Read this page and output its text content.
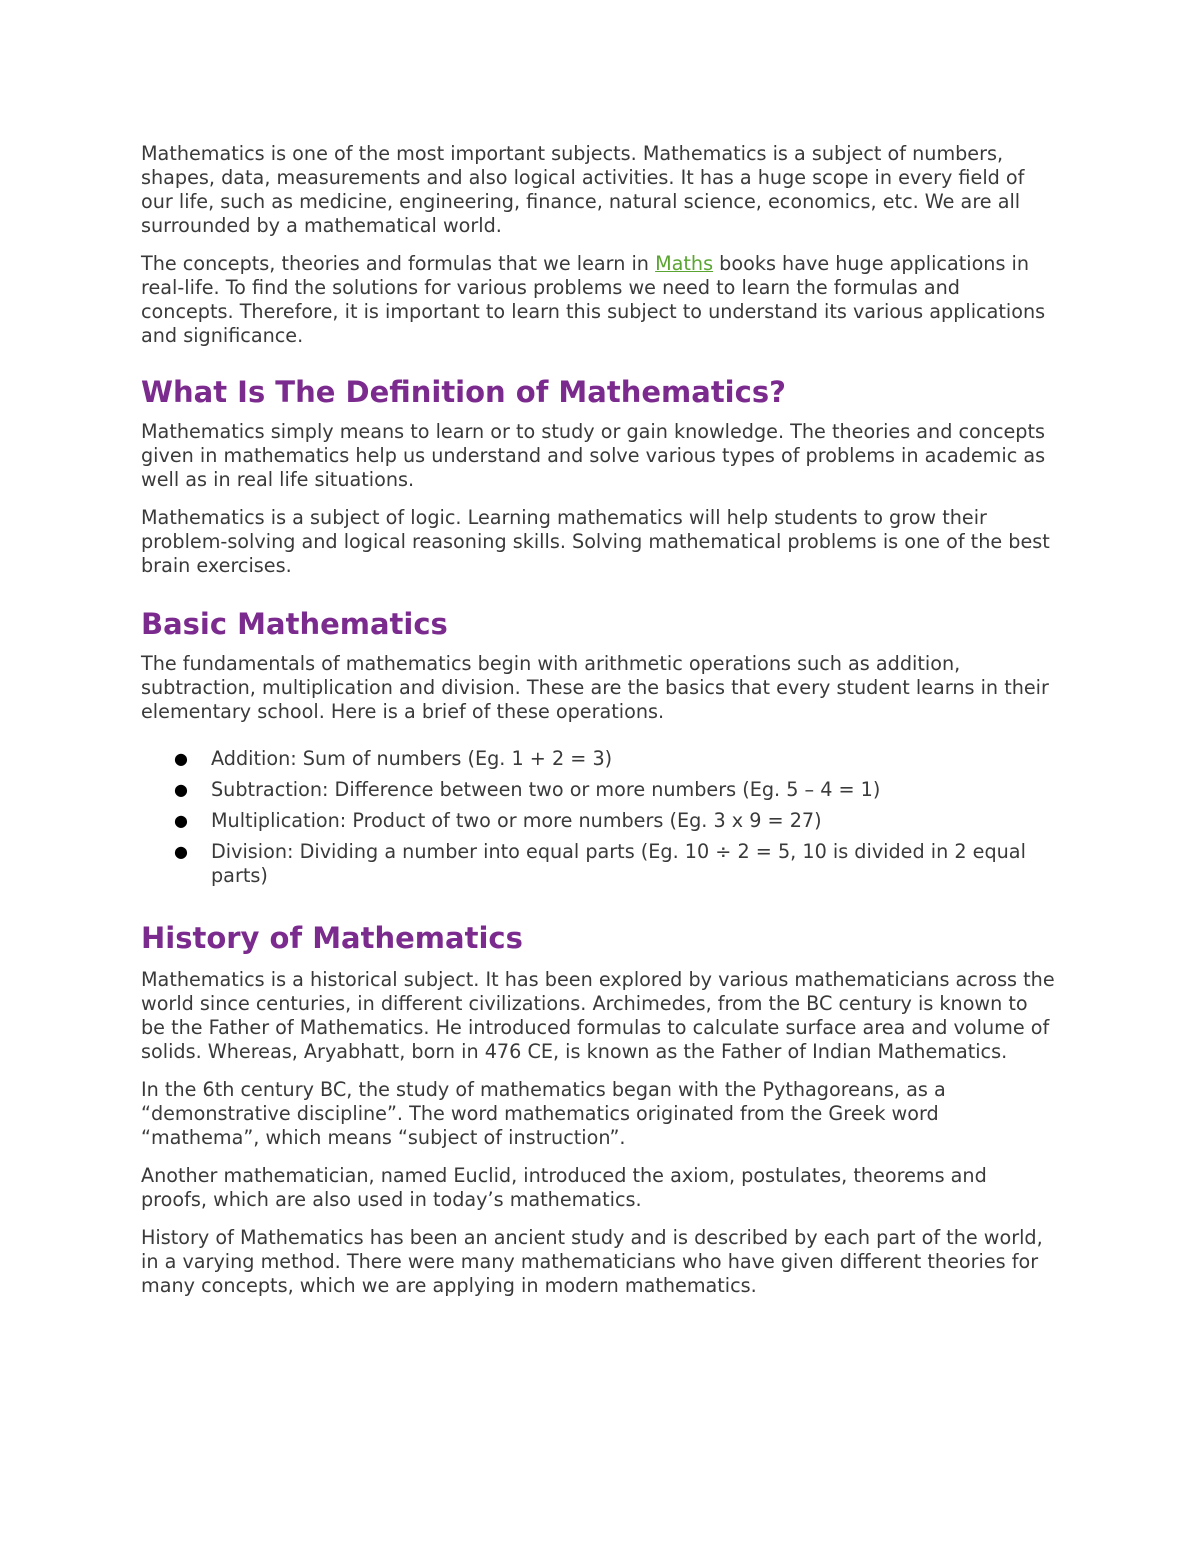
Mathematics is one of the most important subjects. Mathematics is a subject of numbers, shapes, data, measurements and also logical activities. It has a huge scope in every field of our life, such as medicine, engineering, finance, natural science, economics, etc. We are all surrounded by a mathematical world.

The concepts, theories and formulas that we learn in Maths books have huge applications in real-life. To find the solutions for various problems we need to learn the formulas and concepts. Therefore, it is important to learn this subject to understand its various applications and significance.

What Is The Definition of Mathematics?

Mathematics simply means to learn or to study or gain knowledge. The theories and concepts given in mathematics help us understand and solve various types of problems in academic as well as in real life situations.

Mathematics is a subject of logic. Learning mathematics will help students to grow their problem-solving and logical reasoning skills. Solving mathematical problems is one of the best brain exercises.

Basic Mathematics

The fundamentals of mathematics begin with arithmetic operations such as addition, subtraction, multiplication and division. These are the basics that every student learns in their elementary school. Here is a brief of these operations.

● Addition: Sum of numbers (Eg. 1 + 2 = 3)
● Subtraction: Difference between two or more numbers (Eg. 5 – 4 = 1)
● Multiplication: Product of two or more numbers (Eg. 3 x 9 = 27)
● Division: Dividing a number into equal parts (Eg. 10 ÷ 2 = 5, 10 is divided in 2 equal parts)
History of Mathematics

Mathematics is a historical subject. It has been explored by various mathematicians across the world since centuries, in different civilizations. Archimedes, from the BC century is known to be the Father of Mathematics. He introduced formulas to calculate surface area and volume of solids. Whereas, Aryabhatt, born in 476 CE, is known as the Father of Indian Mathematics.

In the 6th century BC, the study of mathematics began with the Pythagoreans, as a “demonstrative discipline”. The word mathematics originated from the Greek word “mathema”, which means “subject of instruction”.

Another mathematician, named Euclid, introduced the axiom, postulates, theorems and proofs, which are also used in today’s mathematics.

History of Mathematics has been an ancient study and is described by each part of the world, in a varying method. There were many mathematicians who have given different theories for many concepts, which we are applying in modern mathematics.
